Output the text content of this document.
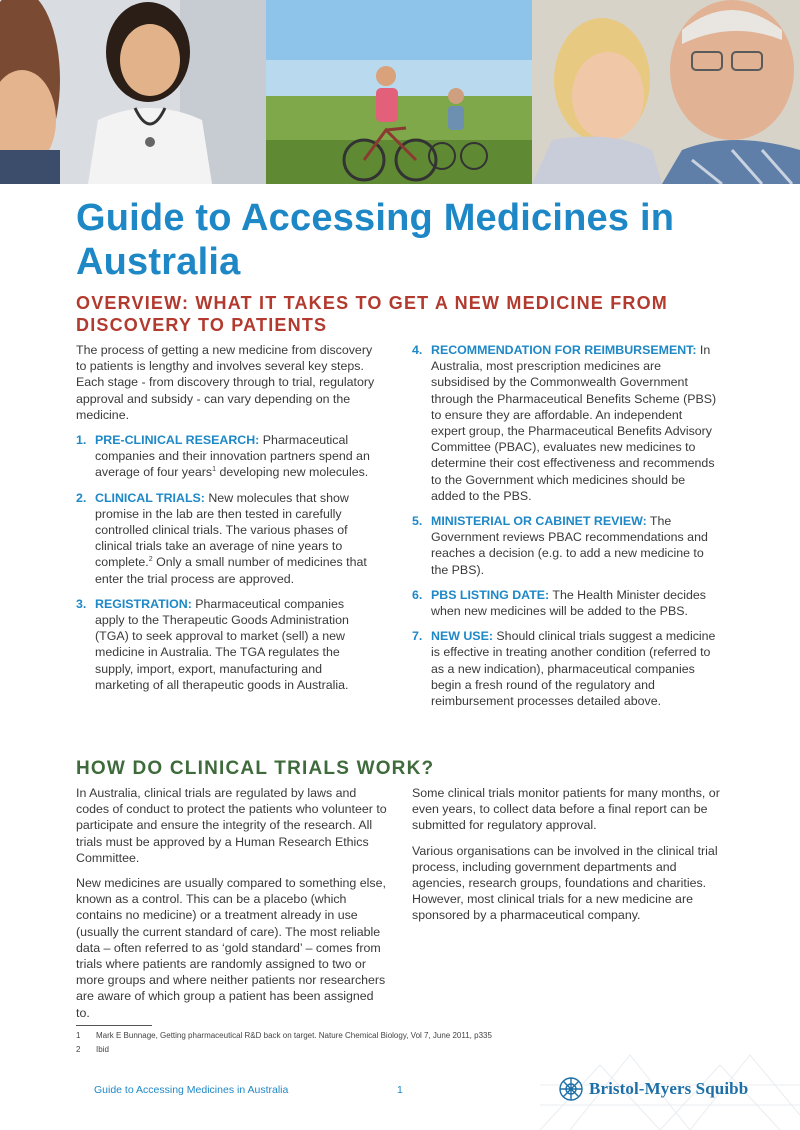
Guide to Accessing Medicines in Australia
OVERVIEW: WHAT IT TAKES TO GET A NEW MEDICINE FROM DISCOVERY TO PATIENTS

The process of getting a new medicine from discovery to patients is lengthy and involves several key steps. Each stage - from discovery through to trial, regulatory approval and subsidy - can vary depending on the medicine.

1. PRE-CLINICAL RESEARCH: Pharmaceutical companies and their innovation partners spend an average of four years$^1$ developing new molecules.
2. CLINICAL TRIALS: New molecules that show promise in the lab are then tested in carefully controlled clinical trials. The various phases of clinical trials take an average of nine years to complete.$^2$ Only a small number of medicines that enter the trial process are approved.
3. REGISTRATION: Pharmaceutical companies apply to the Therapeutic Goods Administration (TGA) to seek approval to market (sell) a new medicine in Australia. The TGA regulates the supply, import, export, manufacturing and marketing of all therapeutic goods in Australia.
4. RECOMMENDATION FOR REIMBURSEMENT: In Australia, most prescription medicines are subsidised by the Commonwealth Government through the Pharmaceutical Benefits Scheme (PBS) to ensure they are affordable. An independent expert group, the Pharmaceutical Benefits Advisory Committee (PBAC), evaluates new medicines to determine their cost effectiveness and recommends to the Government which medicines should be added to the PBS.
5. MINISTERIAL OR CABINET REVIEW: The Government reviews PBAC recommendations and reaches a decision (e.g. to add a new medicine to the PBS).
6. PBS LISTING DATE: The Health Minister decides when new medicines will be added to the PBS.
7. NEW USE: Should clinical trials suggest a medicine is effective in treating another condition (referred to as a new indication), pharmaceutical companies begin a fresh round of the regulatory and reimbursement processes detailed above.
HOW DO CLINICAL TRIALS WORK?

In Australia, clinical trials are regulated by laws and codes of conduct to protect the patients who volunteer to participate and ensure the integrity of the research. All trials must be approved by a Human Research Ethics Committee.

New medicines are usually compared to something else, known as a control. This can be a placebo (which contains no medicine) or a treatment already in use (usually the current standard of care). The most reliable data – often referred to as ‘gold standard’ – comes from trials where patients are randomly assigned to two or more groups and where neither patients nor researchers are aware of which group a patient has been assigned to.

Some clinical trials monitor patients for many months, or even years, to collect data before a final report can be submitted for regulatory approval.

Various organisations can be involved in the clinical trial process, including government departments and agencies, research groups, foundations and charities. However, most clinical trials for a new medicine are sponsored by a pharmaceutical company.

1	Mark E Bunnage, Getting pharmaceutical R&D back on target. Nature Chemical Biology, Vol 7, June 2011, p335
2	Ibid
Guide to Accessing Medicines in Australia	1	Bristol-Myers Squibb
